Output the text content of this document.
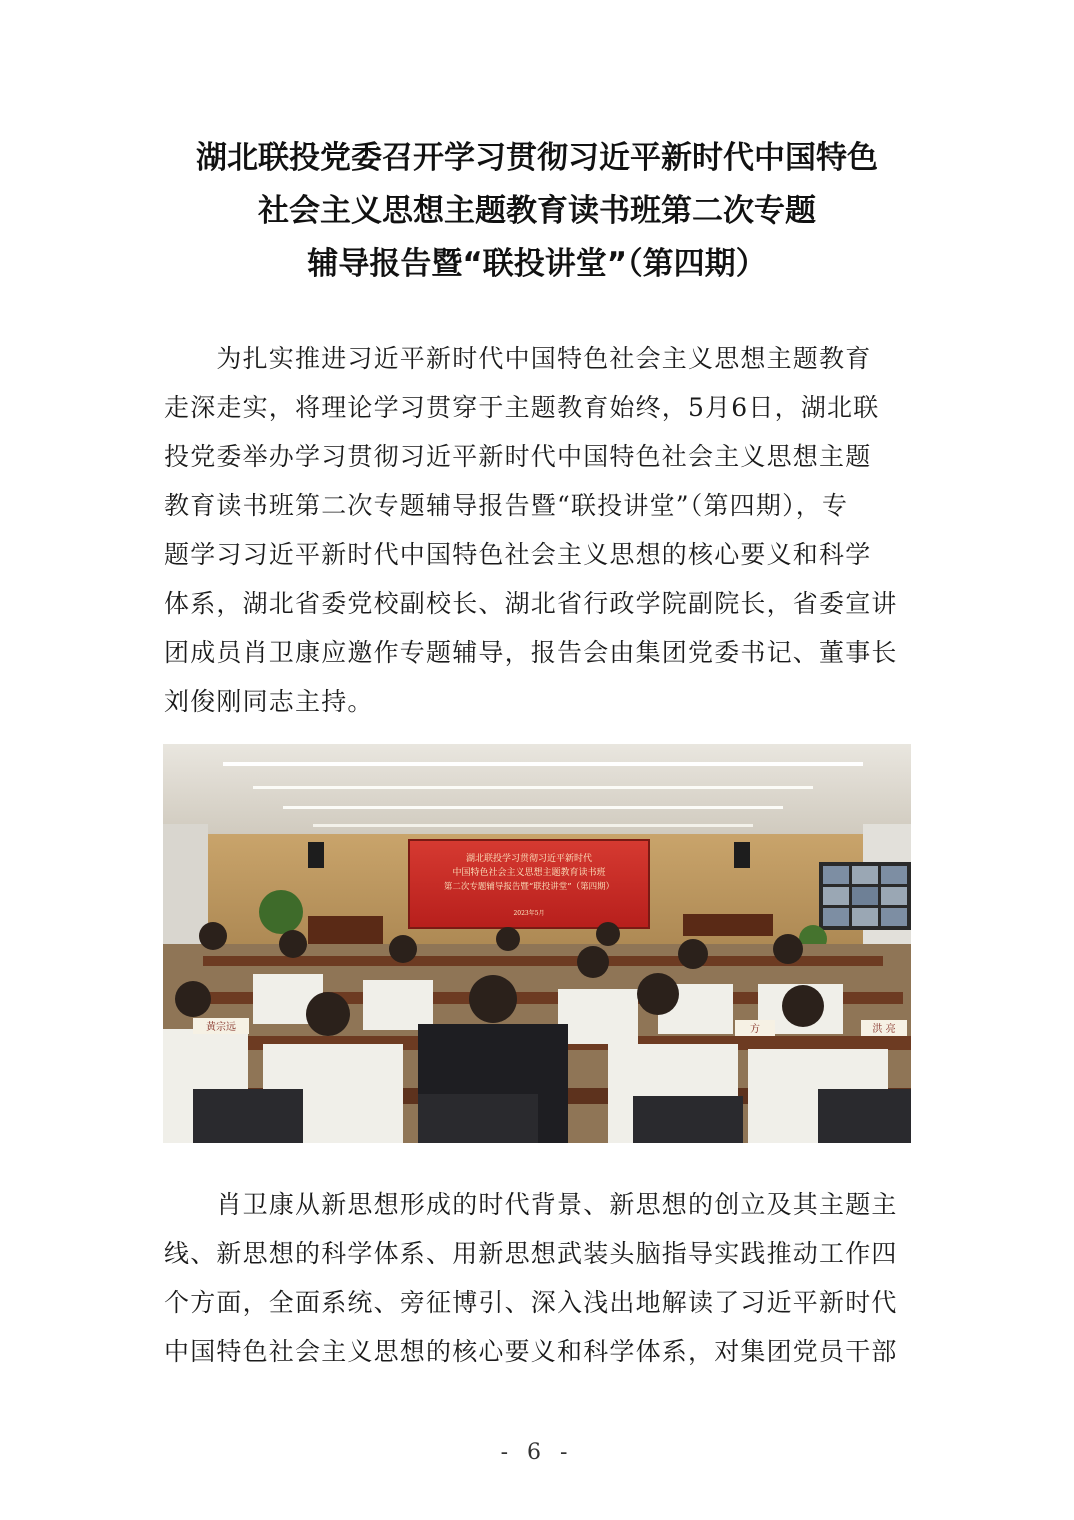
湖北联投党委召开学习贯彻习近平新时代中国特色
社会主义思想主题教育读书班第二次专题
辅导报告暨“联投讲堂”（第四期）
　　为扎实推进习近平新时代中国特色社会主义思想主题教育
走深走实，将理论学习贯穿于主题教育始终，5月6日，湖北联
投党委举办学习贯彻习近平新时代中国特色社会主义思想主题
教育读书班第二次专题辅导报告暨“联投讲堂”（第四期），专
题学习习近平新时代中国特色社会主义思想的核心要义和科学
体系，湖北省委党校副校长、湖北省行政学院副院长，省委宣讲
团成员肖卫康应邀作专题辅导，报告会由集团党委书记、董事长
刘俊刚同志主持。
湖北联投学习贯彻习近平新时代
中国特色社会主义思想主题教育读书班
第二次专题辅导报告暨“联投讲堂”（第四期）
2023年5月
黄宗远	方	洪 亮
　　肖卫康从新思想形成的时代背景、新思想的创立及其主题主
线、新思想的科学体系、用新思想武装头脑指导实践推动工作四
个方面，全面系统、旁征博引、深入浅出地解读了习近平新时代
中国特色社会主义思想的核心要义和科学体系，对集团党员干部
- 6 -
